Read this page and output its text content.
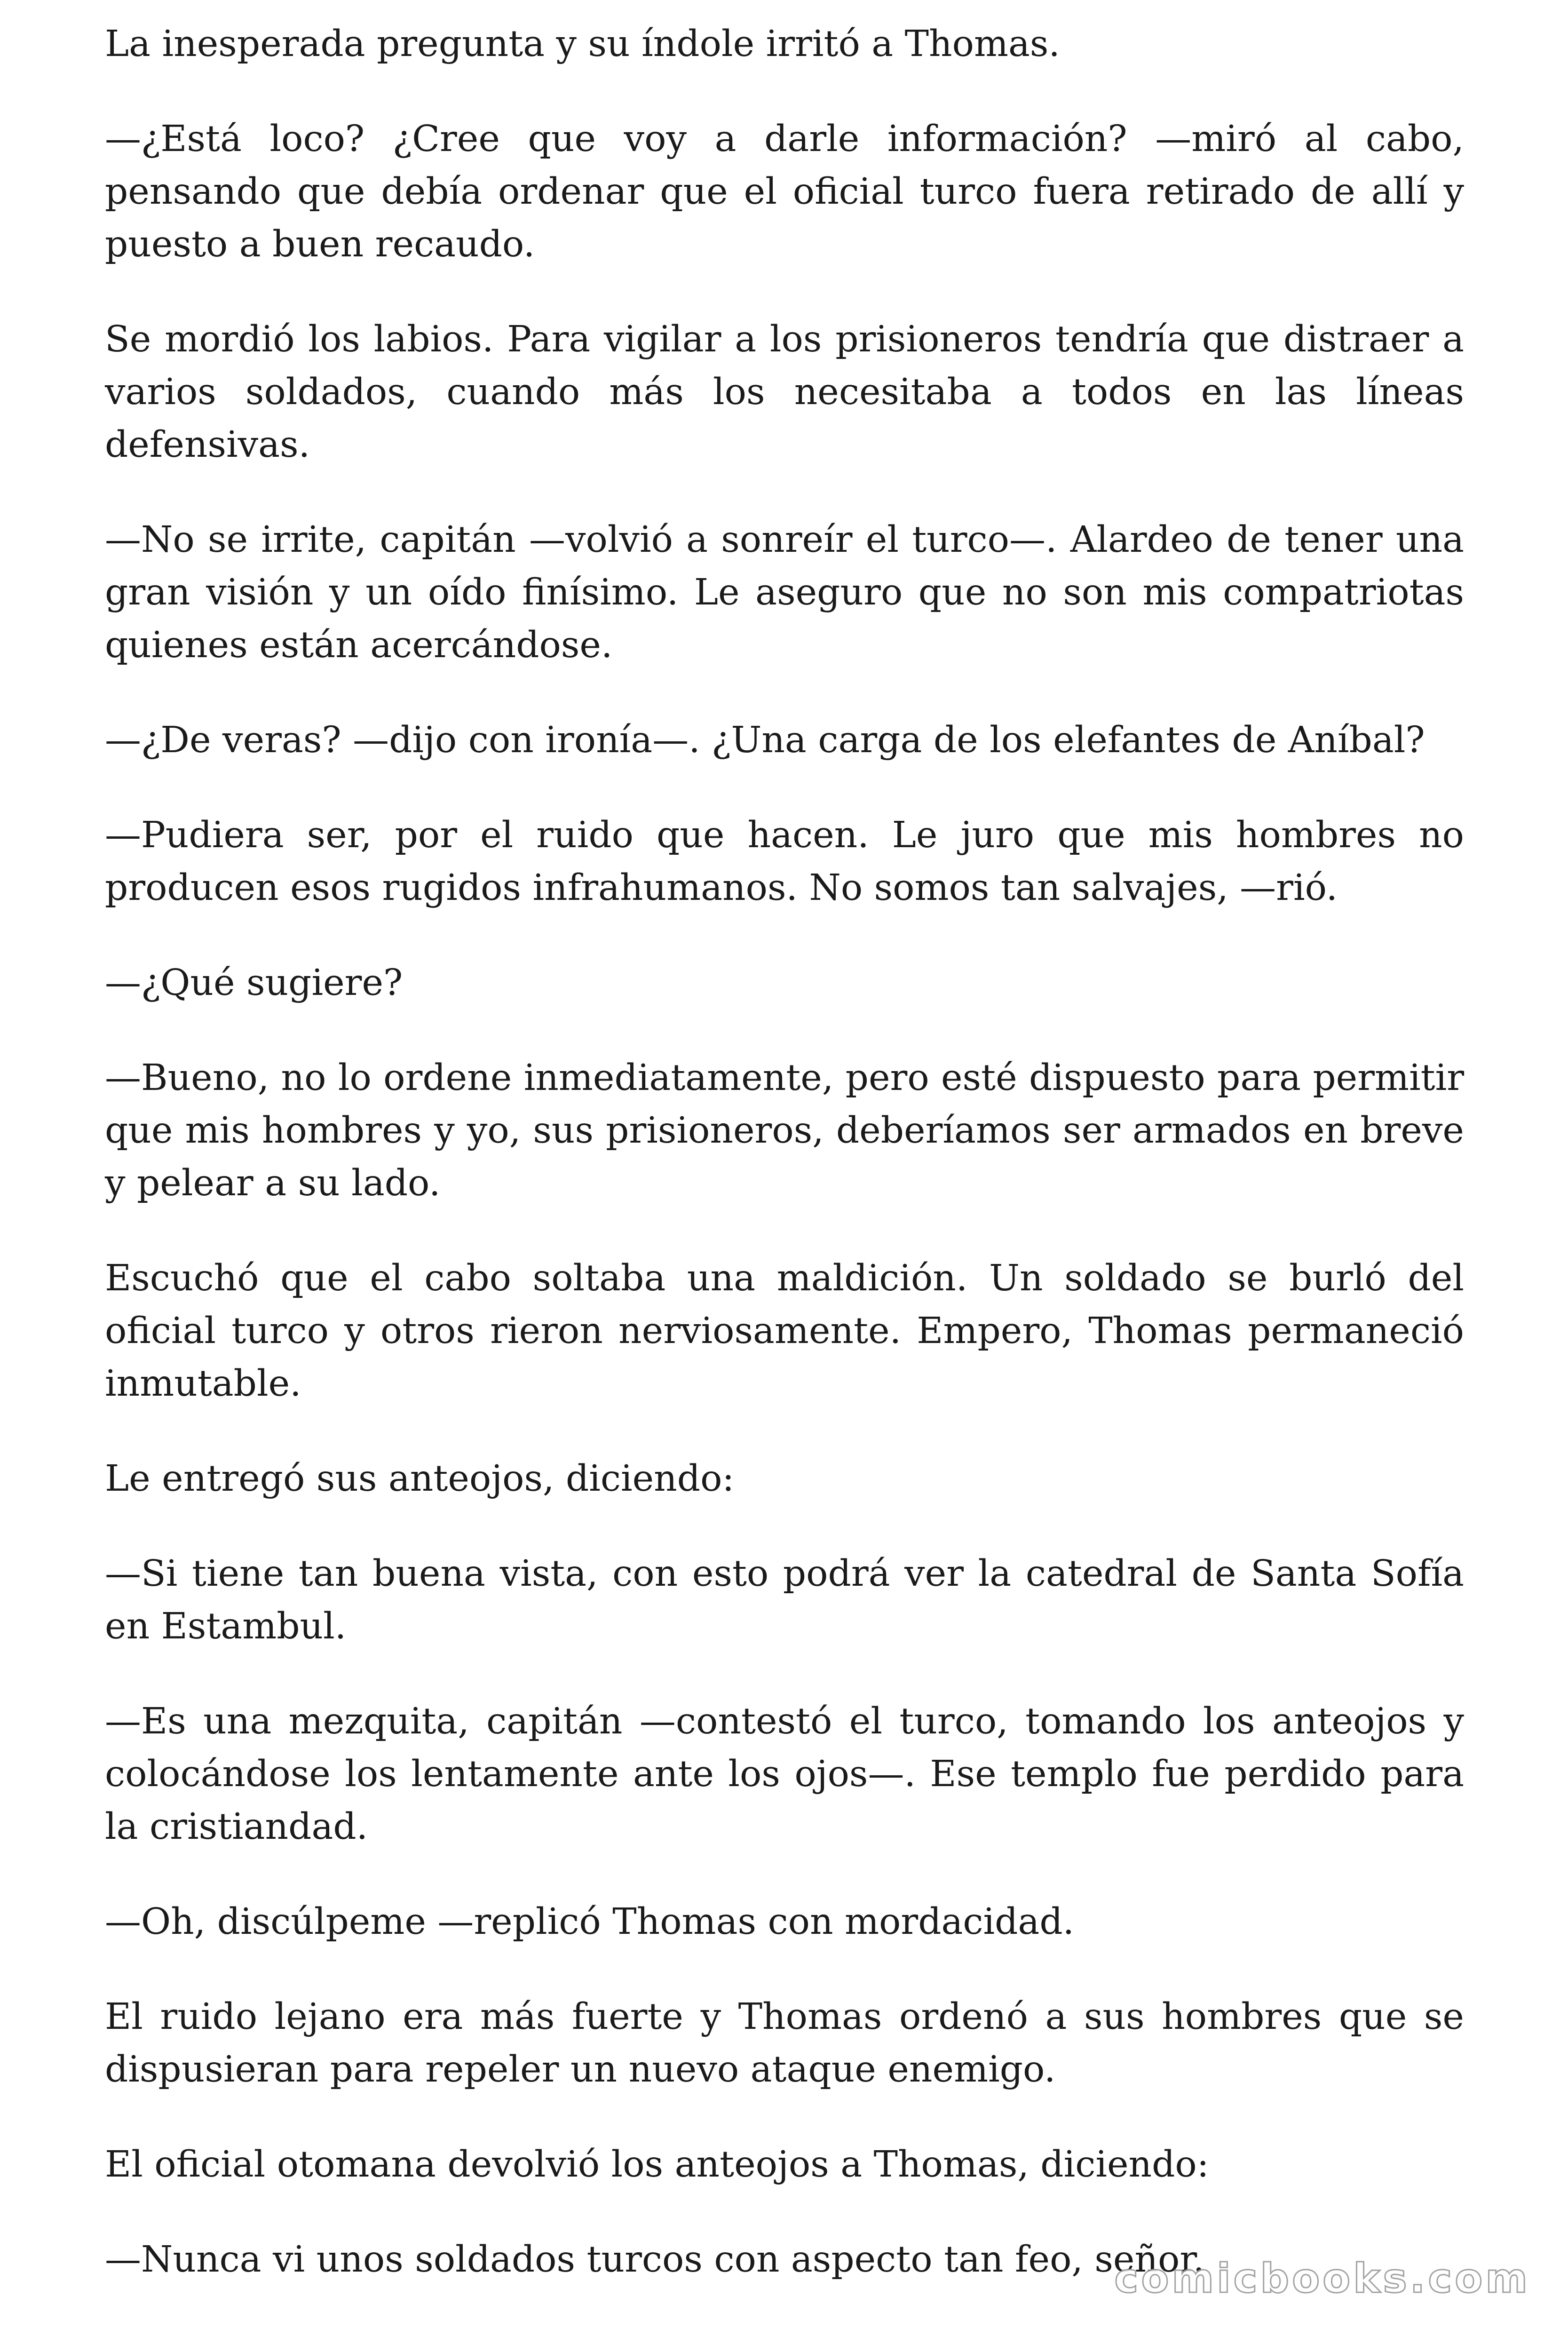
La inesperada pregunta y su índole irritó a Thomas.

—¿Está loco? ¿Cree que voy a darle información? —miró al cabo, pensando que debía ordenar que el oficial turco fuera retirado de allí y puesto a buen recaudo.

Se mordió los labios. Para vigilar a los prisioneros tendría que distraer a varios soldados, cuando más los necesitaba a todos en las líneas defensivas.

—No se irrite, capitán —volvió a sonreír el turco—. Alardeo de tener una gran visión y un oído finísimo. Le aseguro que no son mis compatriotas quienes están acercándose.

—¿De veras? —dijo con ironía—. ¿Una carga de los elefantes de Aníbal?

—Pudiera ser, por el ruido que hacen. Le juro que mis hombres no producen esos rugidos infrahumanos. No somos tan salvajes, —rió.

—¿Qué sugiere?

—Bueno, no lo ordene inmediatamente, pero esté dispuesto para permitir que mis hombres y yo, sus prisioneros, deberíamos ser armados en breve y pelear a su lado.

Escuchó que el cabo soltaba una maldición. Un soldado se burló del oficial turco y otros rieron nerviosamente. Empero, Thomas permaneció inmutable.

Le entregó sus anteojos, diciendo:

—Si tiene tan buena vista, con esto podrá ver la catedral de Santa Sofía en Estambul.

—Es una mezquita, capitán —contestó el turco, tomando los anteojos y colocándose los lentamente ante los ojos—. Ese templo fue perdido para la cristiandad.

—Oh, discúlpeme —replicó Thomas con mordacidad.

El ruido lejano era más fuerte y Thomas ordenó a sus hombres que se dispusieran para repeler un nuevo ataque enemigo.

El oficial otomana devolvió los anteojos a Thomas, diciendo:

—Nunca vi unos soldados turcos con aspecto tan feo, señor.

comicbooks.com
